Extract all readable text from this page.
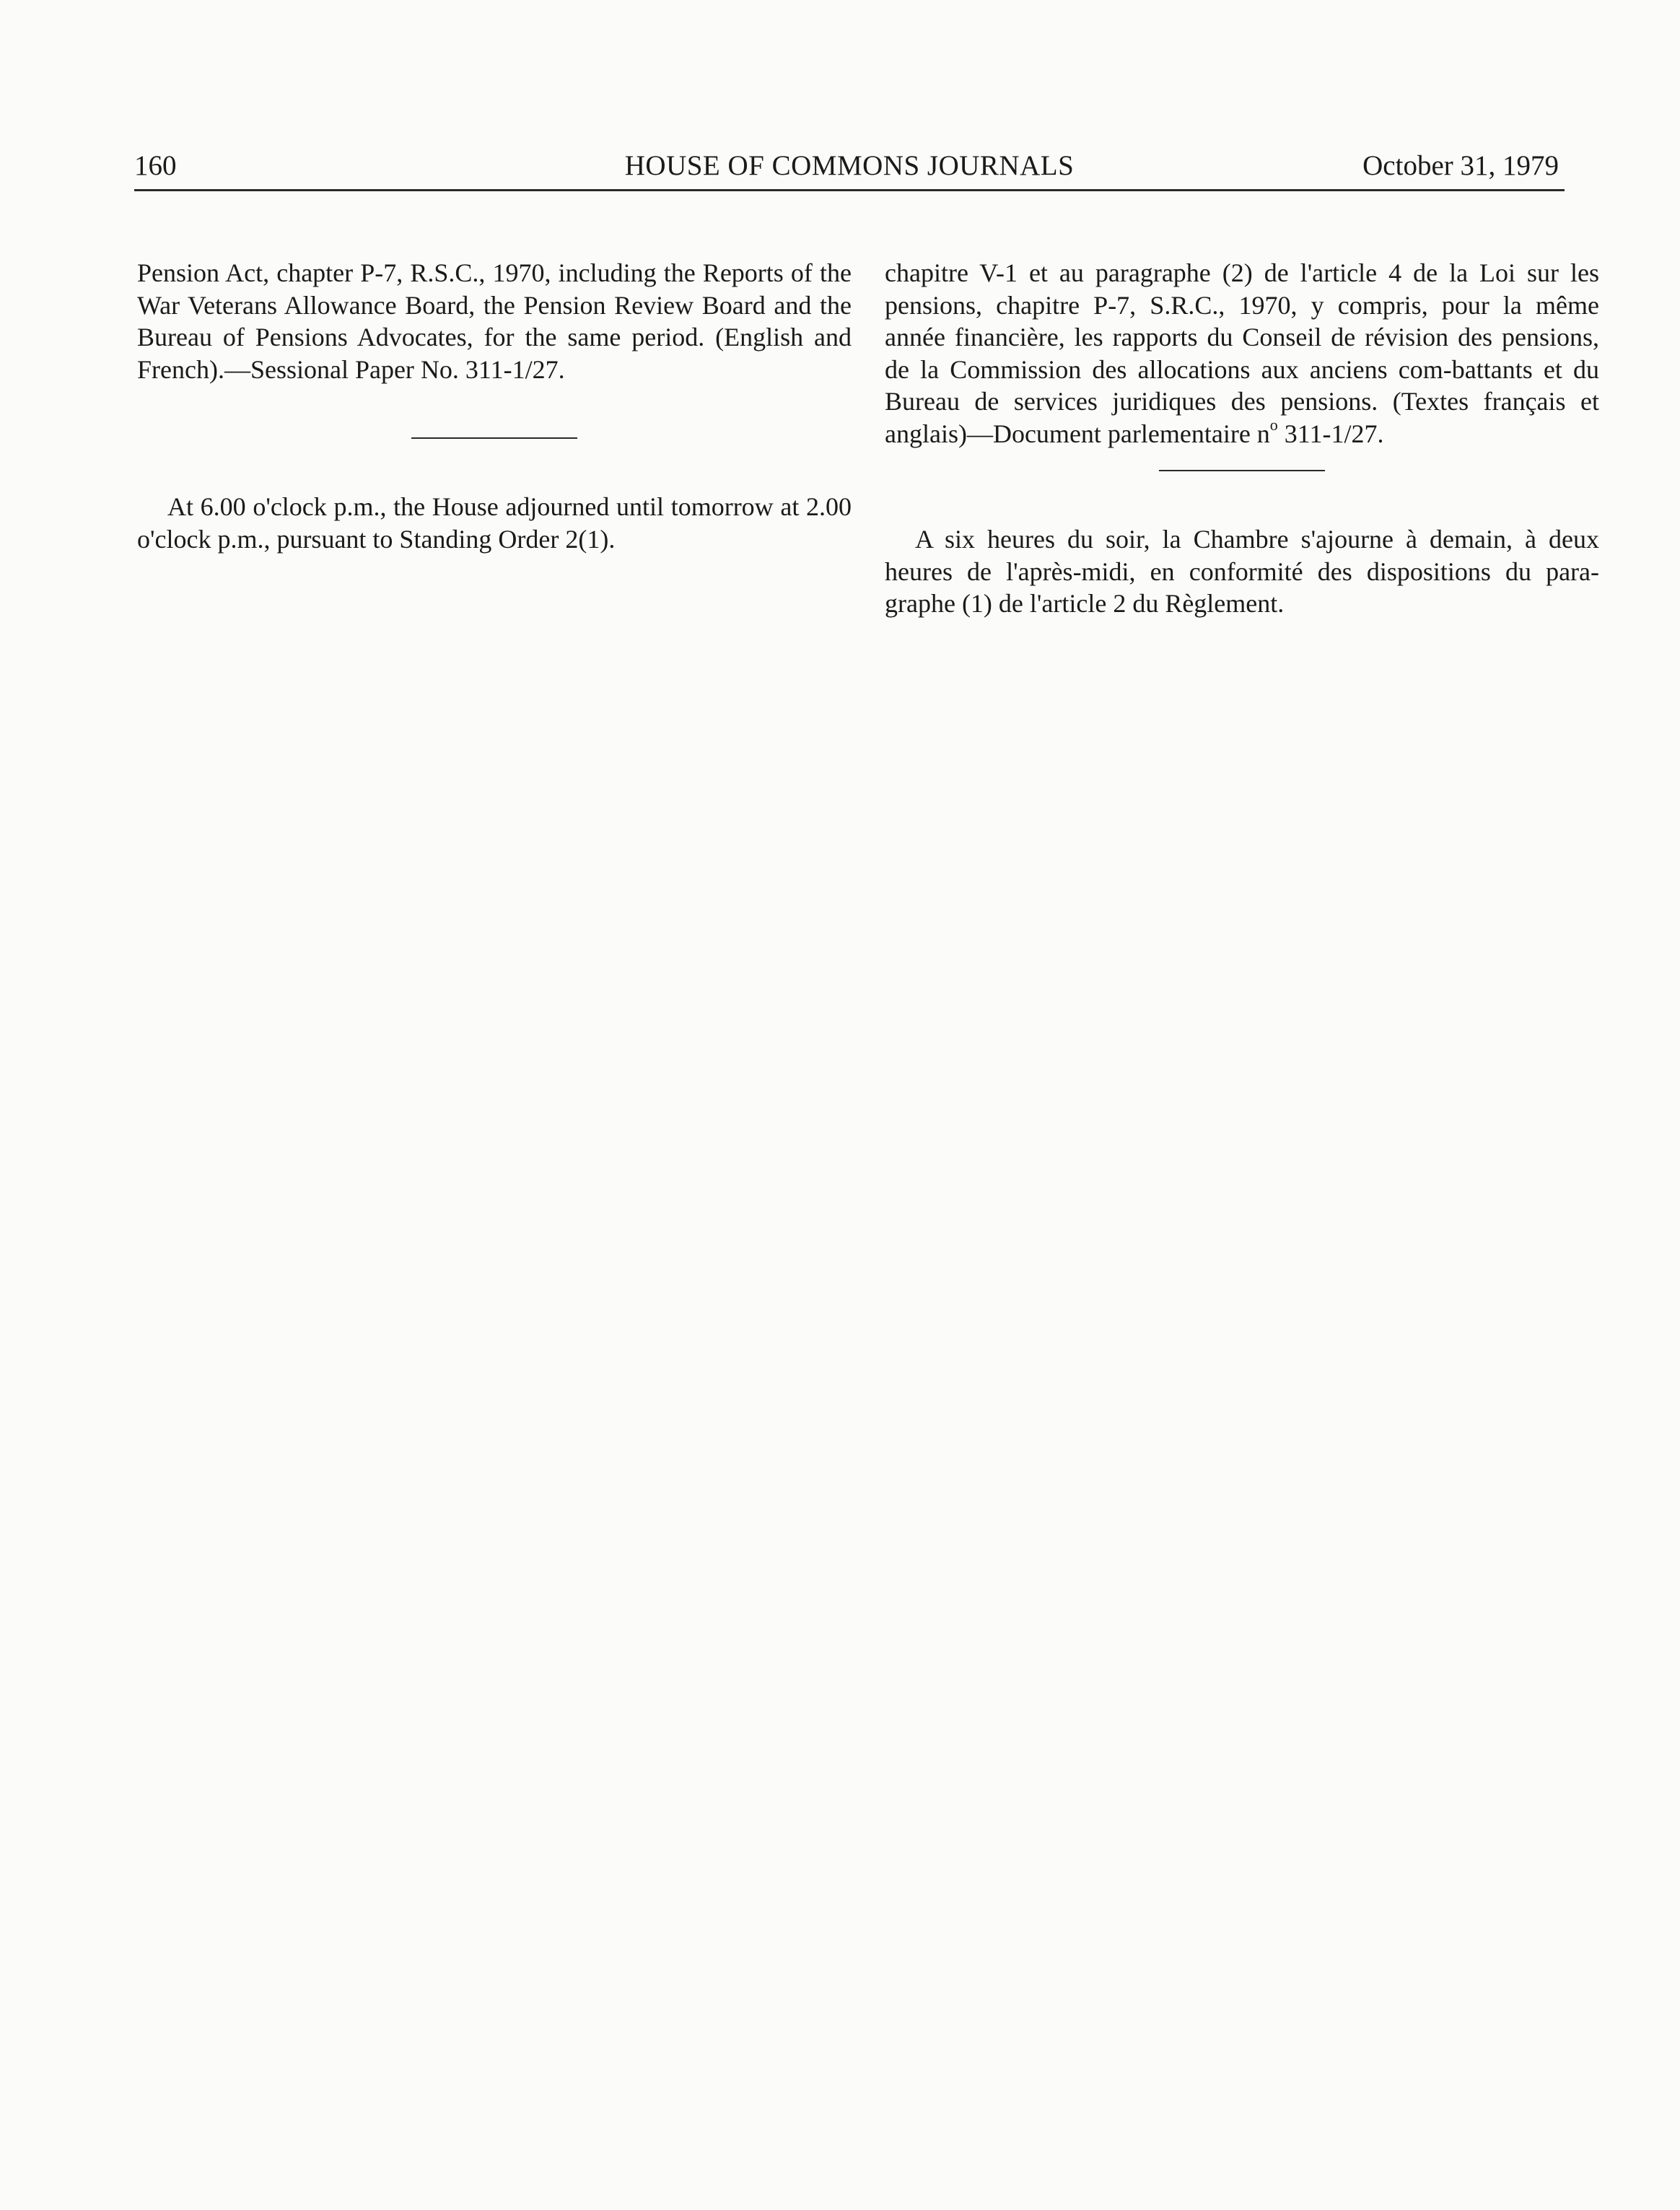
160	HOUSE OF COMMONS JOURNALS	October 31, 1979

Pension Act, chapter P-7, R.S.C., 1970, including the Reports of the War Veterans Allowance Board, the Pension Review Board and the Bureau of Pensions Advocates, for the same period. (English and French).—Sessional Paper No. 311-1/27.

At 6.00 o'clock p.m., the House adjourned until tomorrow at 2.00 o'clock p.m., pursuant to Standing Order 2(1).

chapitre V-1 et au paragraphe (2) de l'article 4 de la Loi sur les pensions, chapitre P-7, S.R.C., 1970, y compris, pour la même année financière, les rapports du Conseil de révision des pensions, de la Commission des allocations aux anciens com-battants et du Bureau de services juridiques des pensions. (Textes français et anglais)—Document parlementaire $n^o$ 311-1/27.

A six heures du soir, la Chambre s'ajourne à demain, à deux heures de l'après-midi, en conformité des dispositions du para-graphe (1) de l'article 2 du Règlement.
